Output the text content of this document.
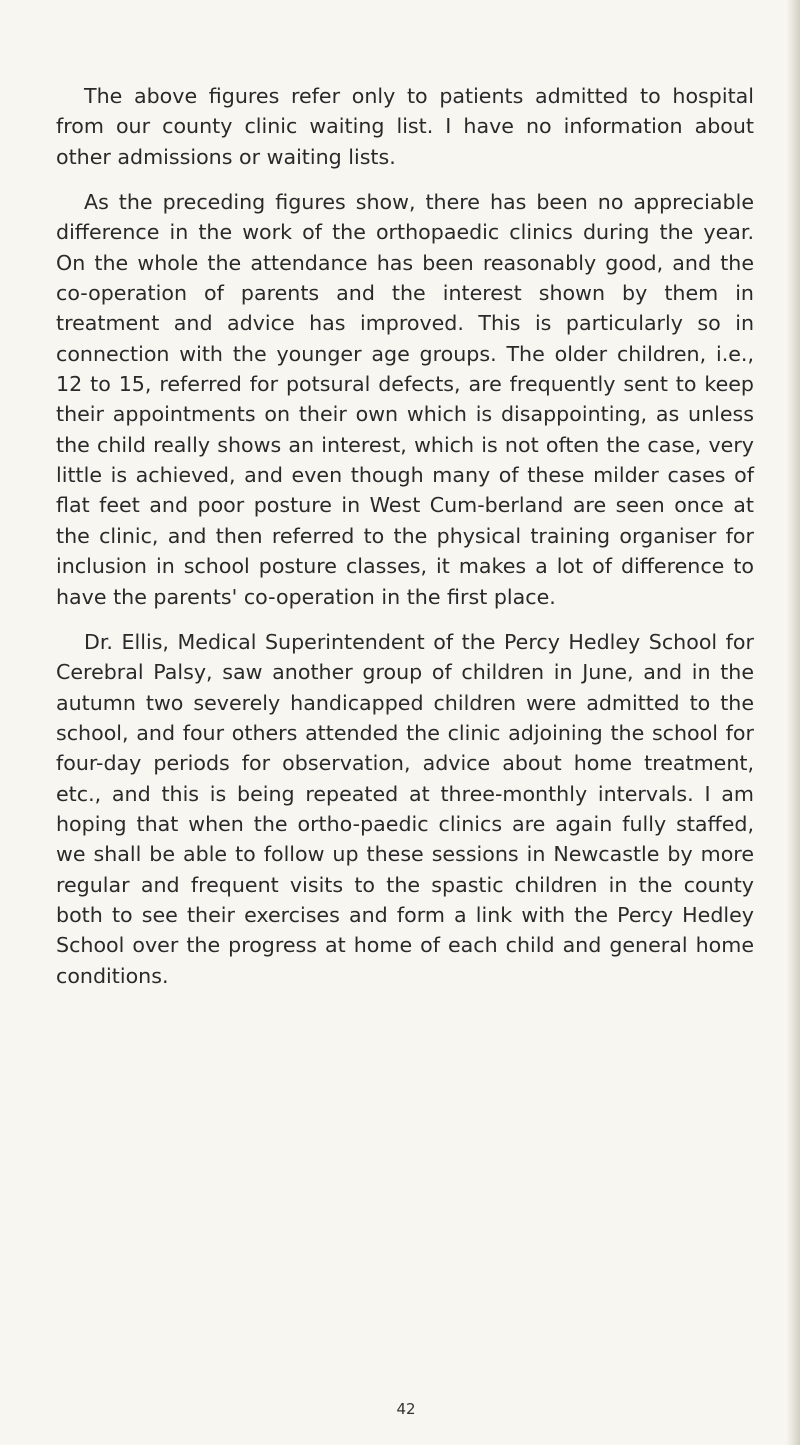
The above figures refer only to patients admitted to hospital from our county clinic waiting list. I have no information about other admissions or waiting lists.

As the preceding figures show, there has been no appreciable difference in the work of the orthopaedic clinics during the year. On the whole the attendance has been reasonably good, and the co-operation of parents and the interest shown by them in treatment and advice has improved. This is particularly so in connection with the younger age groups. The older children, i.e., 12 to 15, referred for potsural defects, are frequently sent to keep their appointments on their own which is disappointing, as unless the child really shows an interest, which is not often the case, very little is achieved, and even though many of these milder cases of flat feet and poor posture in West Cum-berland are seen once at the clinic, and then referred to the physical training organiser for inclusion in school posture classes, it makes a lot of difference to have the parents' co-operation in the first place.

Dr. Ellis, Medical Superintendent of the Percy Hedley School for Cerebral Palsy, saw another group of children in June, and in the autumn two severely handicapped children were admitted to the school, and four others attended the clinic adjoining the school for four-day periods for observation, advice about home treatment, etc., and this is being repeated at three-monthly intervals. I am hoping that when the ortho-paedic clinics are again fully staffed, we shall be able to follow up these sessions in Newcastle by more regular and frequent visits to the spastic children in the county both to see their exercises and form a link with the Percy Hedley School over the progress at home of each child and general home conditions.

42
